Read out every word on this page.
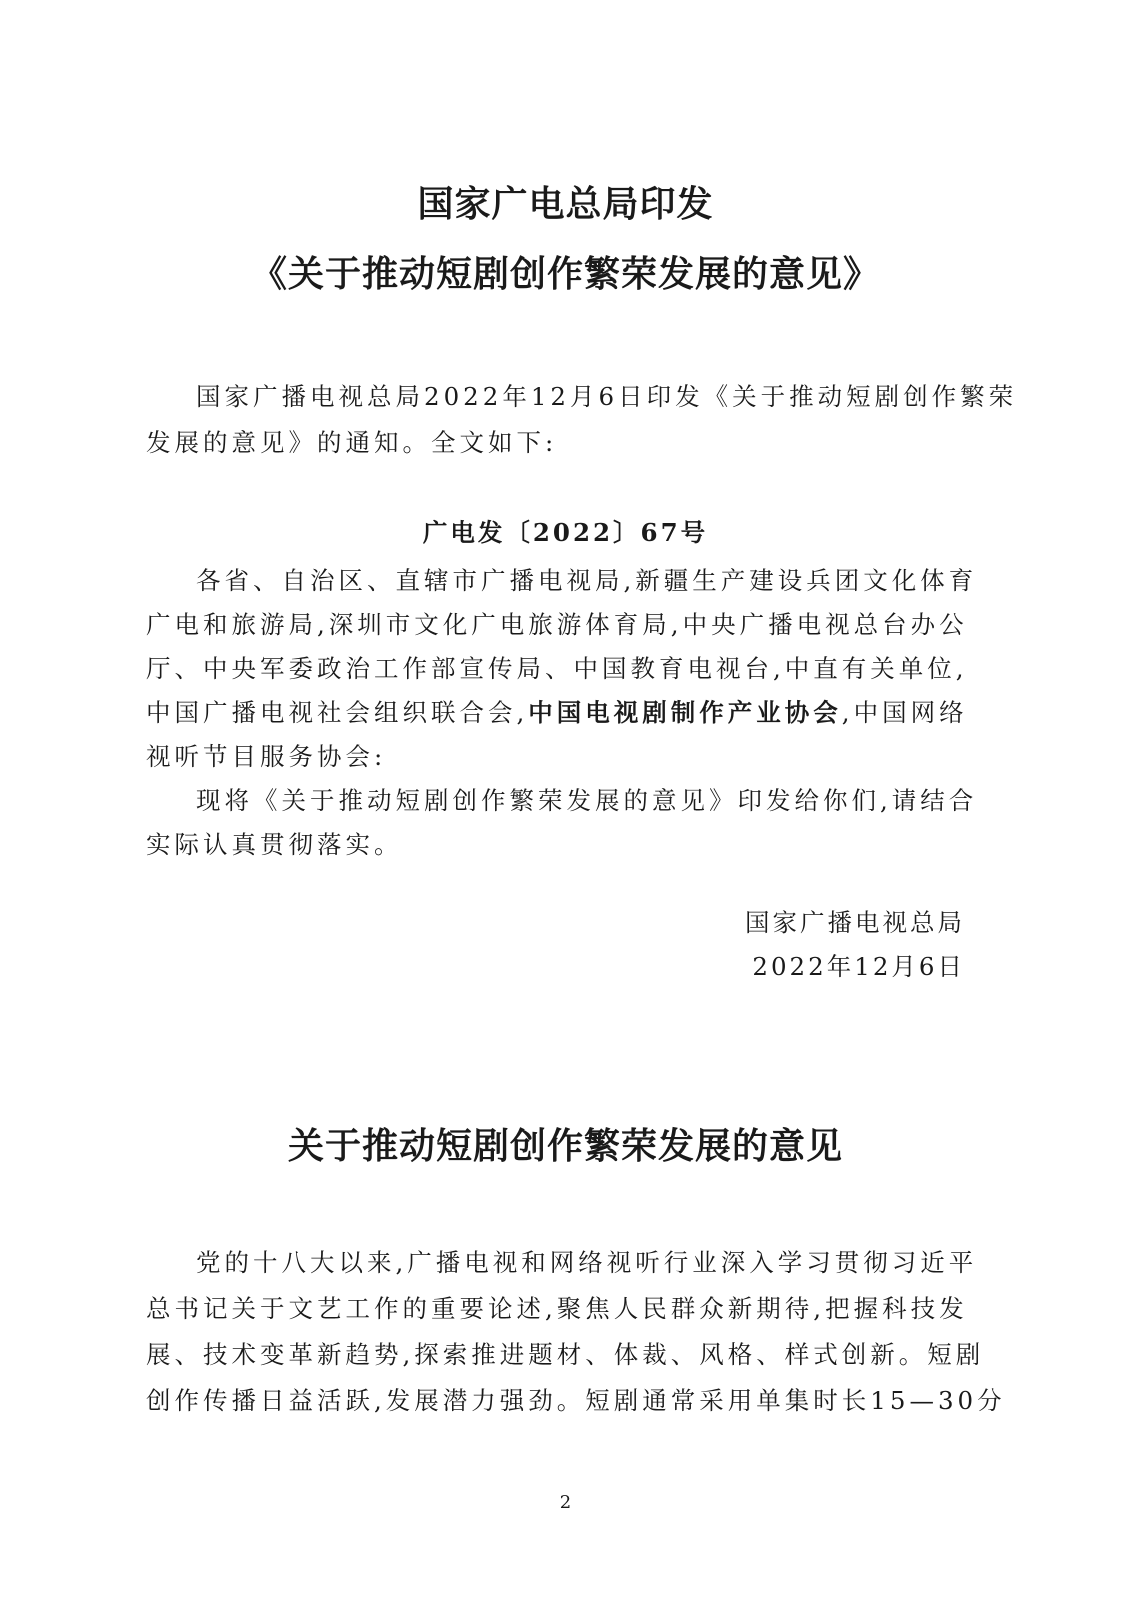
国家广电总局印发

《关于推动短剧创作繁荣发展的意见》

国家广播电视总局2022年12月6日印发《关于推动短剧创作繁荣

发展的意见》的通知。全文如下:

广电发〔2022〕67号

各省、自治区、直辖市广播电视局,新疆生产建设兵团文化体育

广电和旅游局,深圳市文化广电旅游体育局,中央广播电视总台办公

厅、中央军委政治工作部宣传局、中国教育电视台,中直有关单位,

中国广播电视社会组织联合会,中国电视剧制作产业协会,中国网络

视听节目服务协会:

现将《关于推动短剧创作繁荣发展的意见》印发给你们,请结合

实际认真贯彻落实。

国家广播电视总局

2022年12月6日

关于推动短剧创作繁荣发展的意见

党的十八大以来,广播电视和网络视听行业深入学习贯彻习近平

总书记关于文艺工作的重要论述,聚焦人民群众新期待,把握科技发

展、技术变革新趋势,探索推进题材、体裁、风格、样式创新。短剧

创作传播日益活跃,发展潜力强劲。短剧通常采用单集时长15—30分

2
